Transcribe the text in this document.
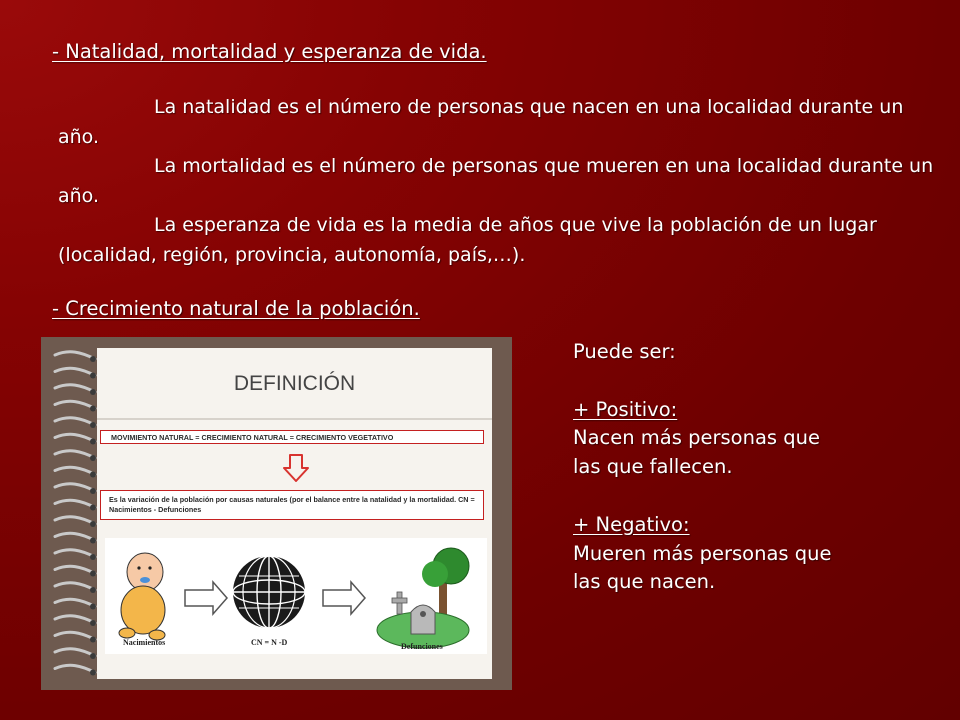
- Natalidad, mortalidad y esperanza de vida.

La natalidad es el número de personas que nacen en una localidad durante un año.

La mortalidad es el número de personas que mueren en una localidad durante un año.

La esperanza de vida es la media de años que vive la población de un lugar (localidad, región, provincia, autonomía, país,…).

- Crecimiento natural de la población.
DEFINICIÓN
MOVIMIENTO NATURAL = CRECIMIENTO NATURAL = CRECIMIENTO VEGETATIVO
Es la variación de la población por causas naturales (por el balance entre la natalidad y la mortalidad. CN = Nacimientos - Defunciones
Nacimientos	CN = N -D	Defunciones
Puede ser:
+ Positivo:
Nacen más personas que
las que fallecen.
+ Negativo:
Mueren más personas que
las que nacen.
